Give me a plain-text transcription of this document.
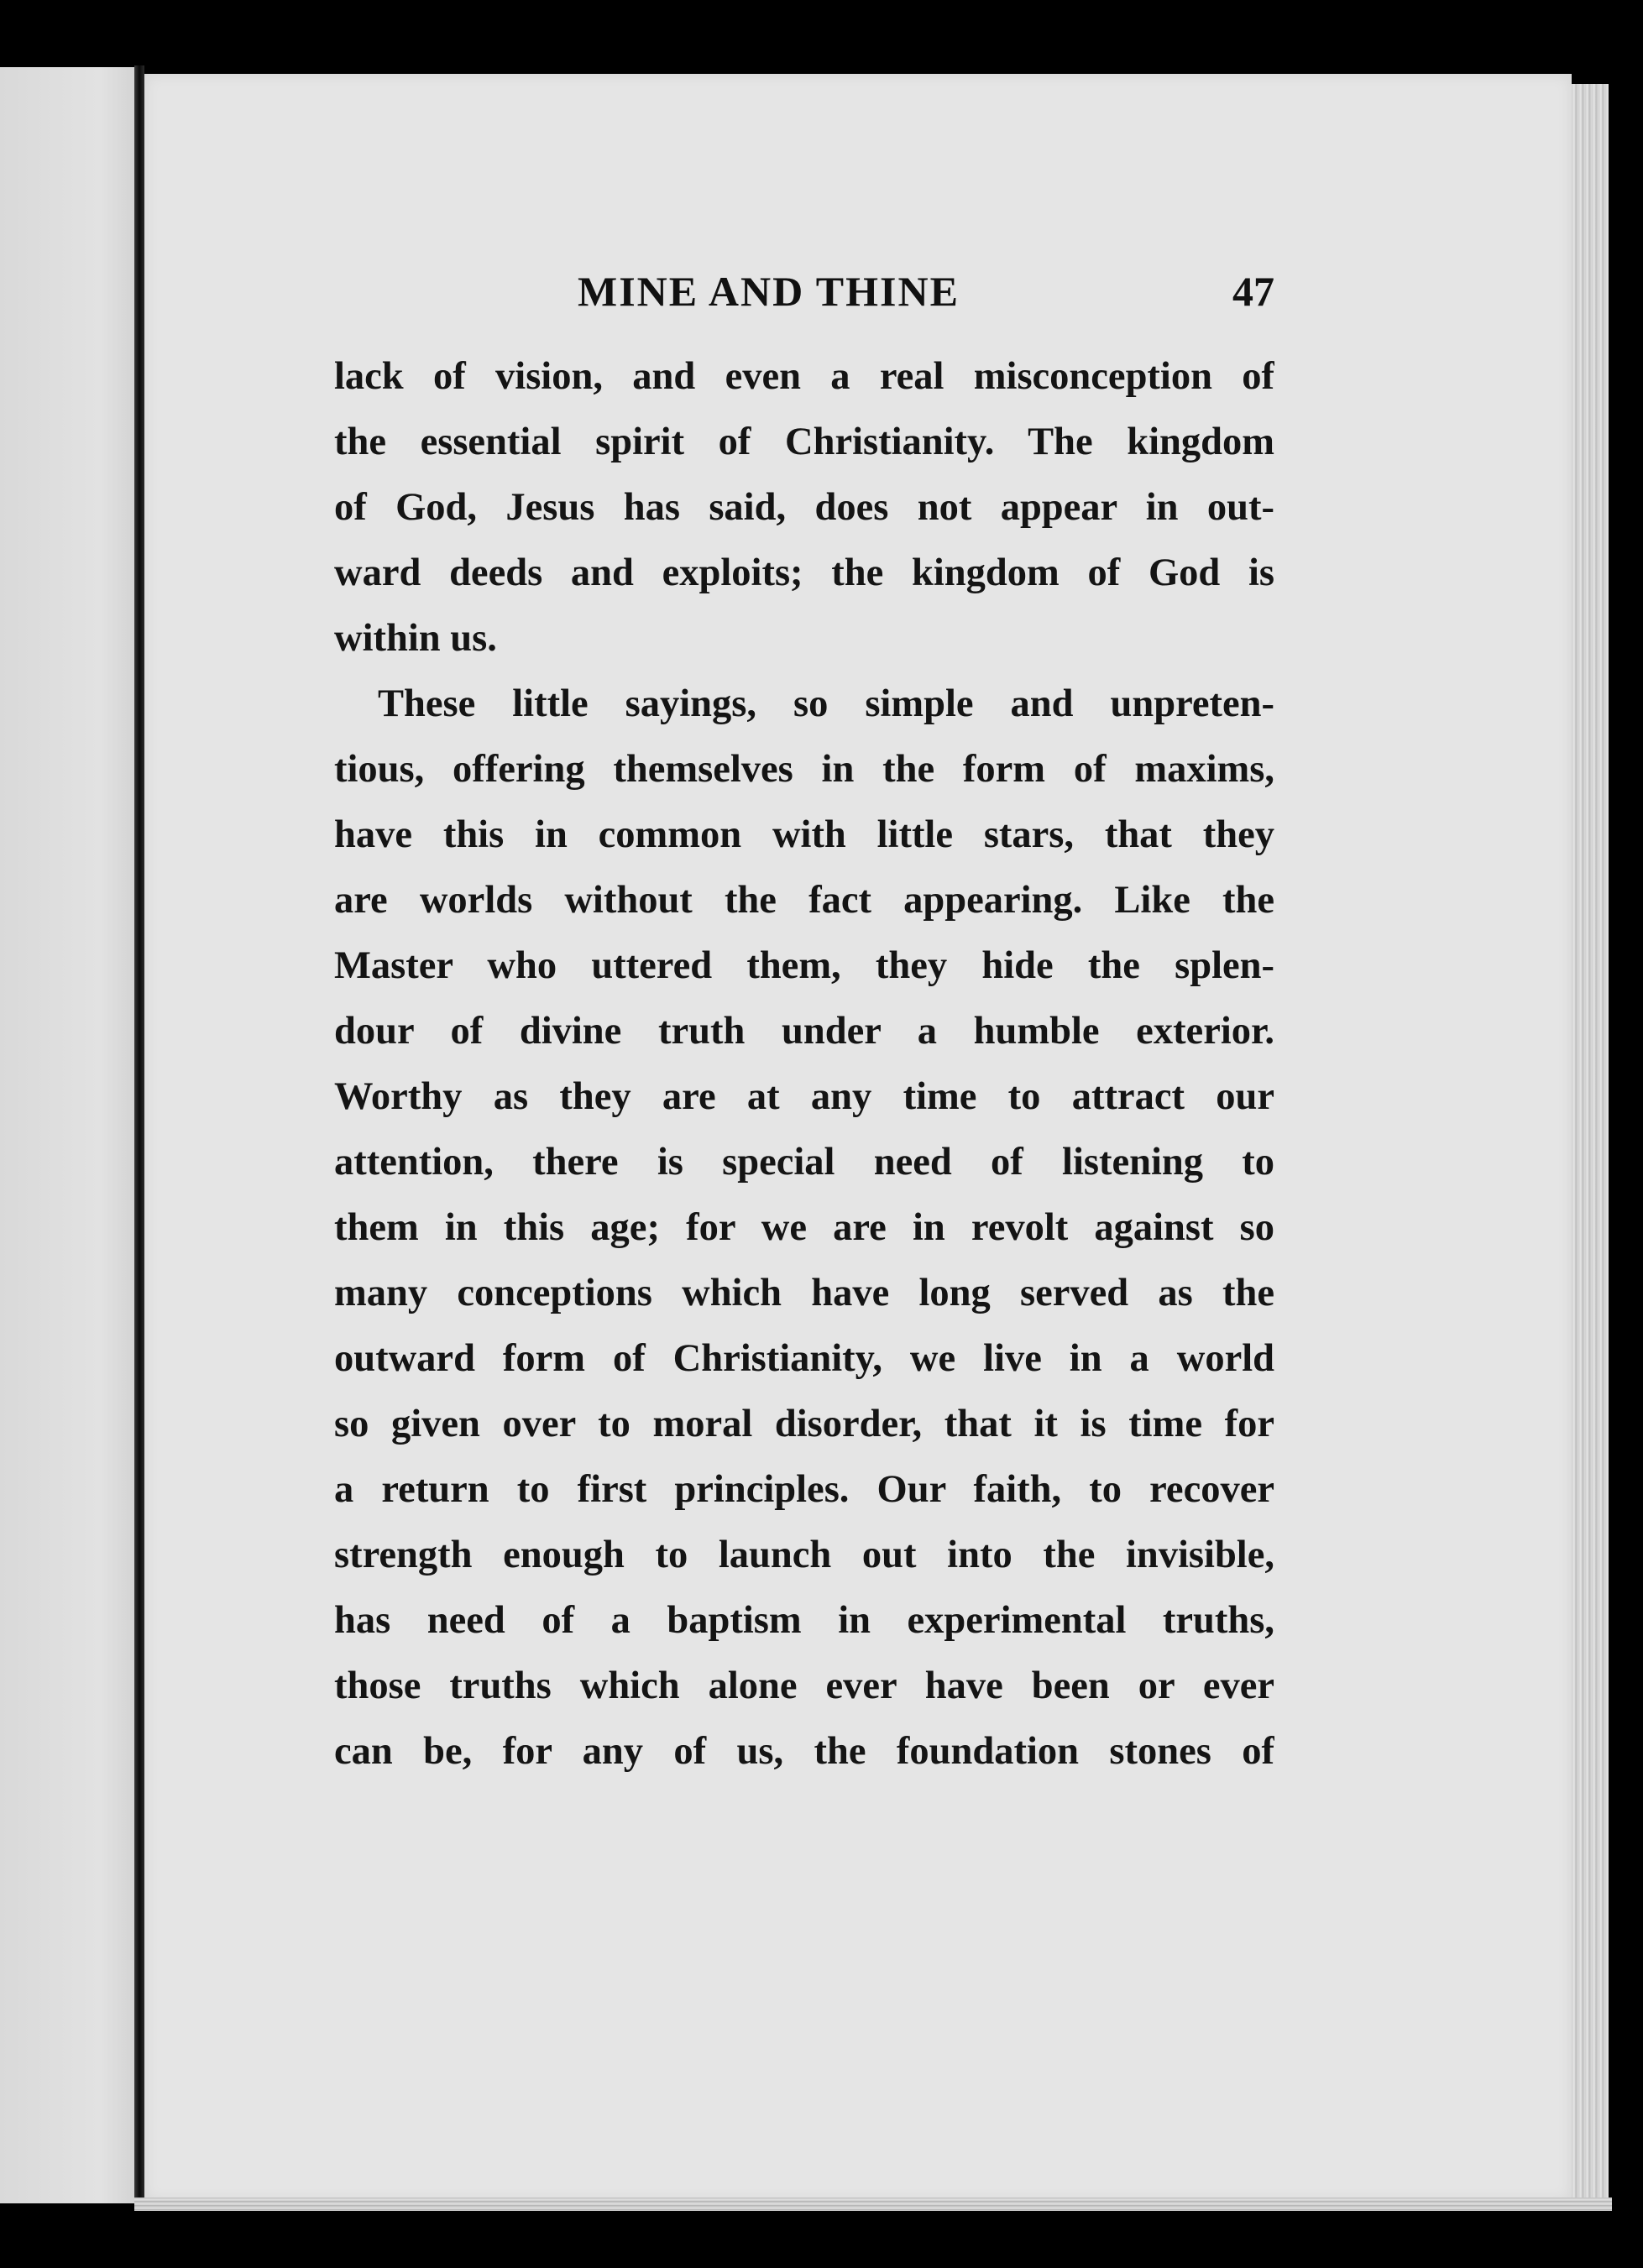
MINE AND THINE	47
lack of vision, and even a real misconception of
the essential spirit of Christianity. The kingdom
of God, Jesus has said, does not appear in out-
ward deeds and exploits; the kingdom of God is
within us.
These little sayings, so simple and unpreten-
tious, offering themselves in the form of maxims,
have this in common with little stars, that they
are worlds without the fact appearing. Like the
Master who uttered them, they hide the splen-
dour of divine truth under a humble exterior.
Worthy as they are at any time to attract our
attention, there is special need of listening to
them in this age; for we are in revolt against so
many conceptions which have long served as the
outward form of Christianity, we live in a world
so given over to moral disorder, that it is time for
a return to first principles. Our faith, to recover
strength enough to launch out into the invisible,
has need of a baptism in experimental truths,
those truths which alone ever have been or ever
can be, for any of us, the foundation stones of
